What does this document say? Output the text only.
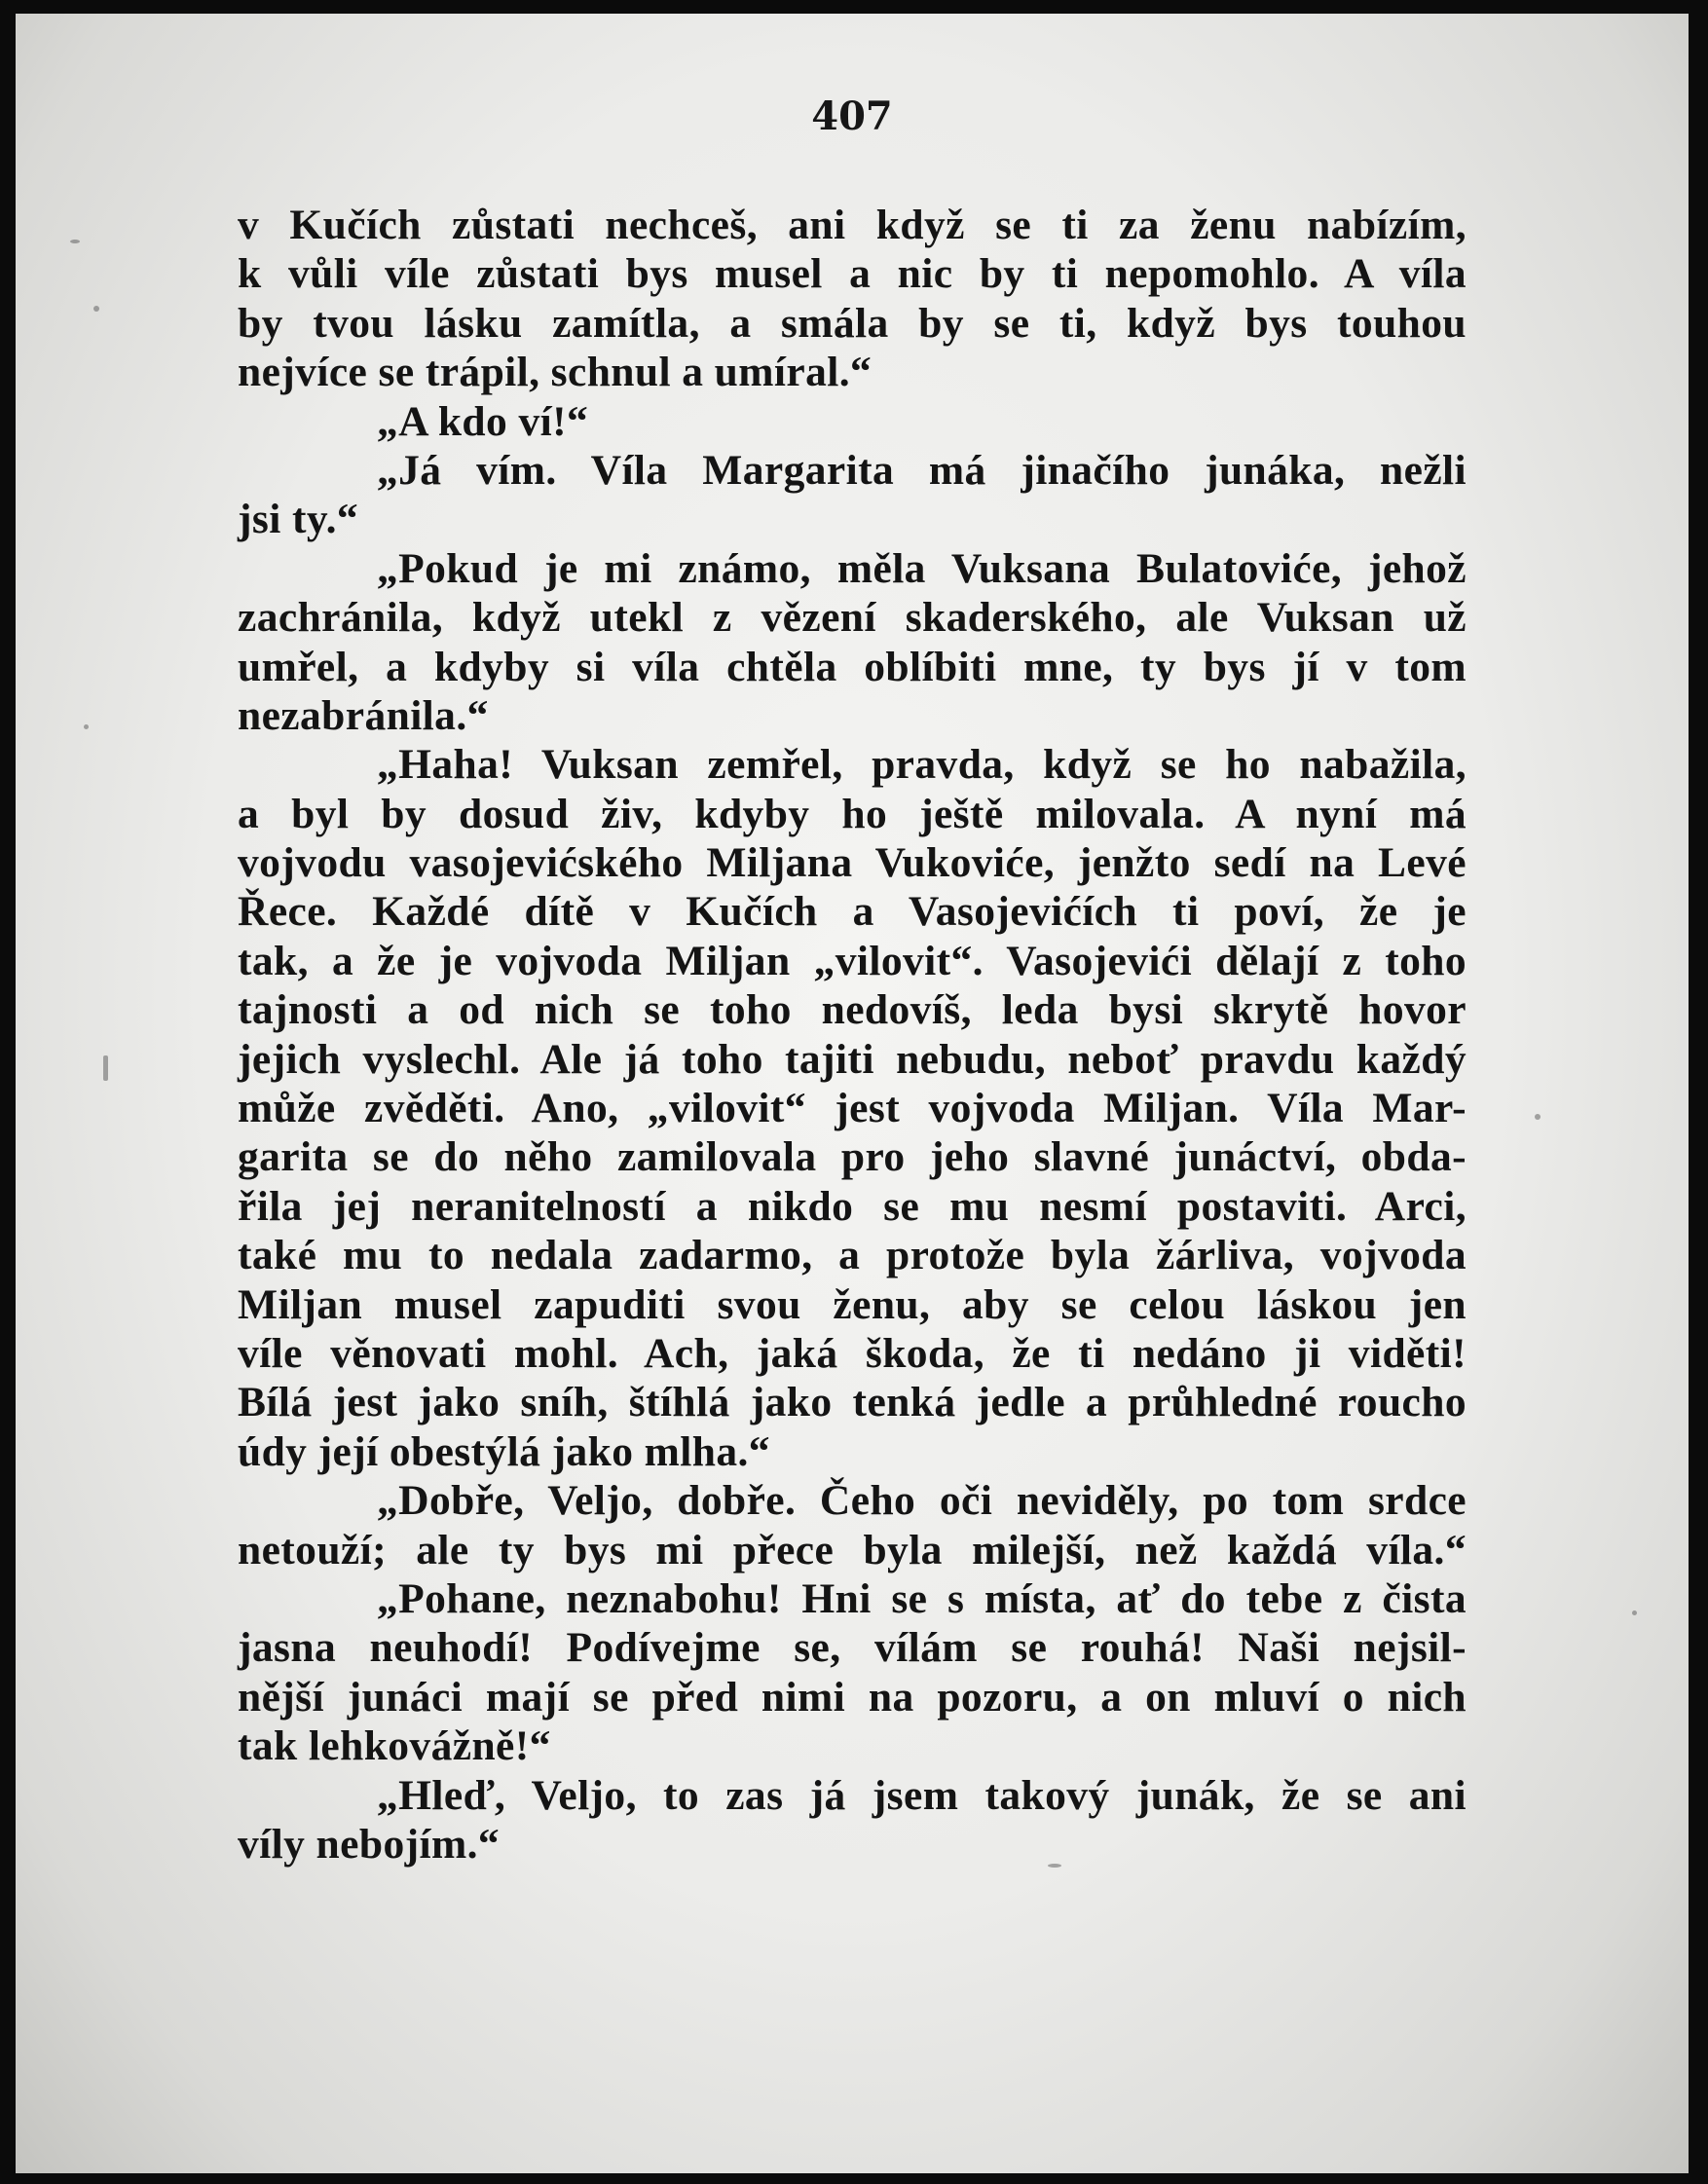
407

v Kučích zůstati nechceš, ani když se ti za ženu nabízím,
k vůli víle zůstati bys musel a nic by ti nepomohlo. A víla
by tvou lásku zamítla, a smála by se ti, když bys touhou
nejvíce se trápil, schnul a umíral.“
„A kdo ví!“
„Já vím. Víla Margarita má jinačího junáka, nežli
jsi ty.“
„Pokud je mi známo, měla Vuksana Bulatoviće, jehož
zachránila, když utekl z vězení skaderského, ale Vuksan už
umřel, a kdyby si víla chtěla oblíbiti mne, ty bys jí v tom
nezabránila.“
„Haha! Vuksan zemřel, pravda, když se ho nabažila,
a byl by dosud živ, kdyby ho ještě milovala. A nyní má
vojvodu vasojevićského Miljana Vukoviće, jenžto sedí na Levé
Řece. Každé dítě v Kučích a Vasojevićích ti poví, že je
tak, a že je vojvoda Miljan „vilovit“. Vasojevići dělají z toho
tajnosti a od nich se toho nedovíš, leda bysi skrytě hovor
jejich vyslechl. Ale já toho tajiti nebudu, neboť pravdu každý
může zvěděti. Ano, „vilovit“ jest vojvoda Miljan. Víla Mar-
garita se do něho zamilovala pro jeho slavné junáctví, obda-
řila jej neranitelností a nikdo se mu nesmí postaviti. Arci,
také mu to nedala zadarmo, a protože byla žárliva, vojvoda
Miljan musel zapuditi svou ženu, aby se celou láskou jen
víle věnovati mohl. Ach, jaká škoda, že ti nedáno ji viděti!
Bílá jest jako sníh, štíhlá jako tenká jedle a průhledné roucho
údy její obestýlá jako mlha.“
„Dobře, Veljo, dobře. Čeho oči neviděly, po tom srdce
netouží; ale ty bys mi přece byla milejší, než každá víla.“
„Pohane, neznabohu! Hni se s místa, ať do tebe z čista
jasna neuhodí! Podívejme se, vílám se rouhá! Naši nejsil-
nější junáci mají se před nimi na pozoru, a on mluví o nich
tak lehkovážně!“
„Hleď, Veljo, to zas já jsem takový junák, že se ani
víly nebojím.“
